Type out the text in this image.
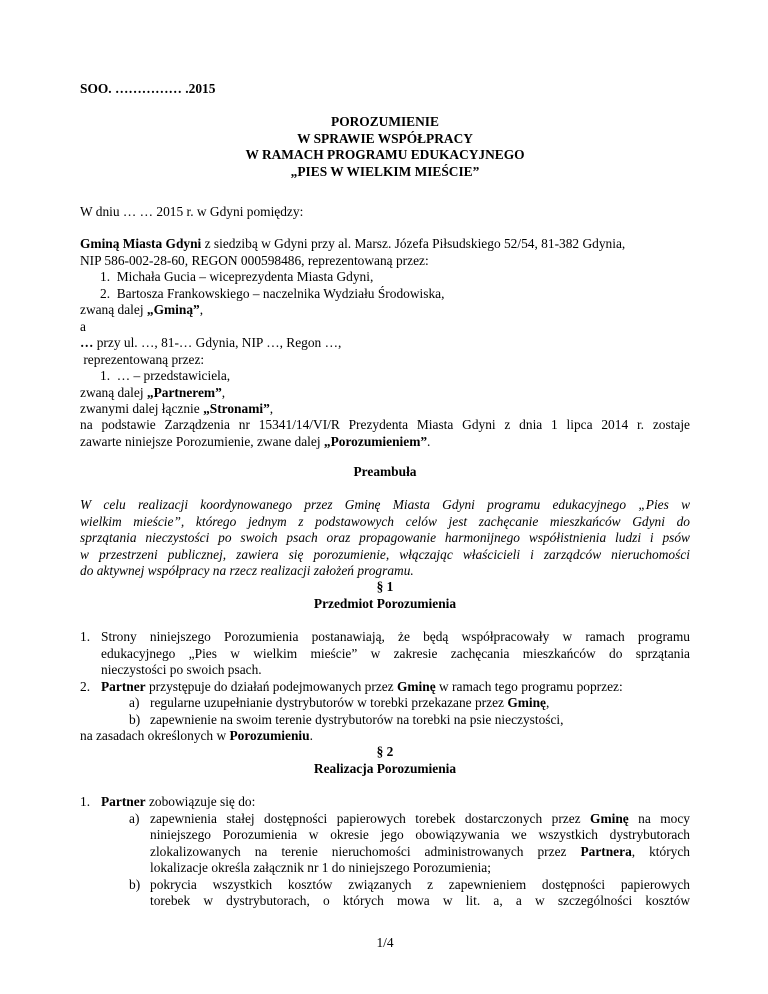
SOO. …………… .2015
POROZUMIENIE
W SPRAWIE WSPÓŁPRACY
W RAMACH PROGRAMU EDUKACYJNEGO
„PIES W WIELKIM MIEŚCIE”
W dniu … … 2015 r. w Gdyni pomiędzy:
Gminą Miasta Gdyni z siedzibą w Gdyni przy al. Marsz. Józefa Piłsudskiego 52/54, 81-382 Gdynia,
NIP 586-002-28-60, REGON 000598486, reprezentowaną przez:
1. Michała Gucia – wiceprezydenta Miasta Gdyni,
2. Bartosza Frankowskiego – naczelnika Wydziału Środowiska,
zwaną dalej „Gminą”,
a
… przy ul. …, 81-… Gdynia, NIP …, Regon …,
reprezentowaną przez:
1. … – przedstawiciela,
zwaną dalej „Partnerem”,
zwanymi dalej łącznie „Stronami”,
na podstawie Zarządzenia nr 15341/14/VI/R Prezydenta Miasta Gdyni z dnia 1 lipca 2014 r. zostaje
zawarte niniejsze Porozumienie, zwane dalej „Porozumieniem”.
Preambuła
W celu realizacji koordynowanego przez Gminę Miasta Gdyni programu edukacyjnego „Pies w
wielkim mieście”, którego jednym z podstawowych celów jest zachęcanie mieszkańców Gdyni do
sprzątania nieczystości po swoich psach oraz propagowanie harmonijnego współistnienia ludzi i psów
w przestrzeni publicznej, zawiera się porozumienie, włączając właścicieli i zarządców nieruchomości
do aktywnej współpracy na rzecz realizacji założeń programu.
§ 1
Przedmiot Porozumienia
1. Strony niniejszego Porozumienia postanawiają, że będą współpracowały w ramach programu
edukacyjnego „Pies w wielkim mieście” w zakresie zachęcania mieszkańców do sprzątania
nieczystości po swoich psach.
2. Partner przystępuje do działań podejmowanych przez Gminę w ramach tego programu poprzez:
a) regularne uzupełnianie dystrybutorów w torebki przekazane przez Gminę,
b) zapewnienie na swoim terenie dystrybutorów na torebki na psie nieczystości,
na zasadach określonych w Porozumieniu.
§ 2
Realizacja Porozumienia
1. Partner zobowiązuje się do:
a) zapewnienia stałej dostępności papierowych torebek dostarczonych przez Gminę na mocy
niniejszego Porozumienia w okresie jego obowiązywania we wszystkich dystrybutorach
zlokalizowanych na terenie nieruchomości administrowanych przez Partnera, których
lokalizacje określa załącznik nr 1 do niniejszego Porozumienia;
b) pokrycia wszystkich kosztów związanych z zapewnieniem dostępności papierowych
torebek w dystrybutorach, o których mowa w lit. a, a w szczególności kosztów
1/4
